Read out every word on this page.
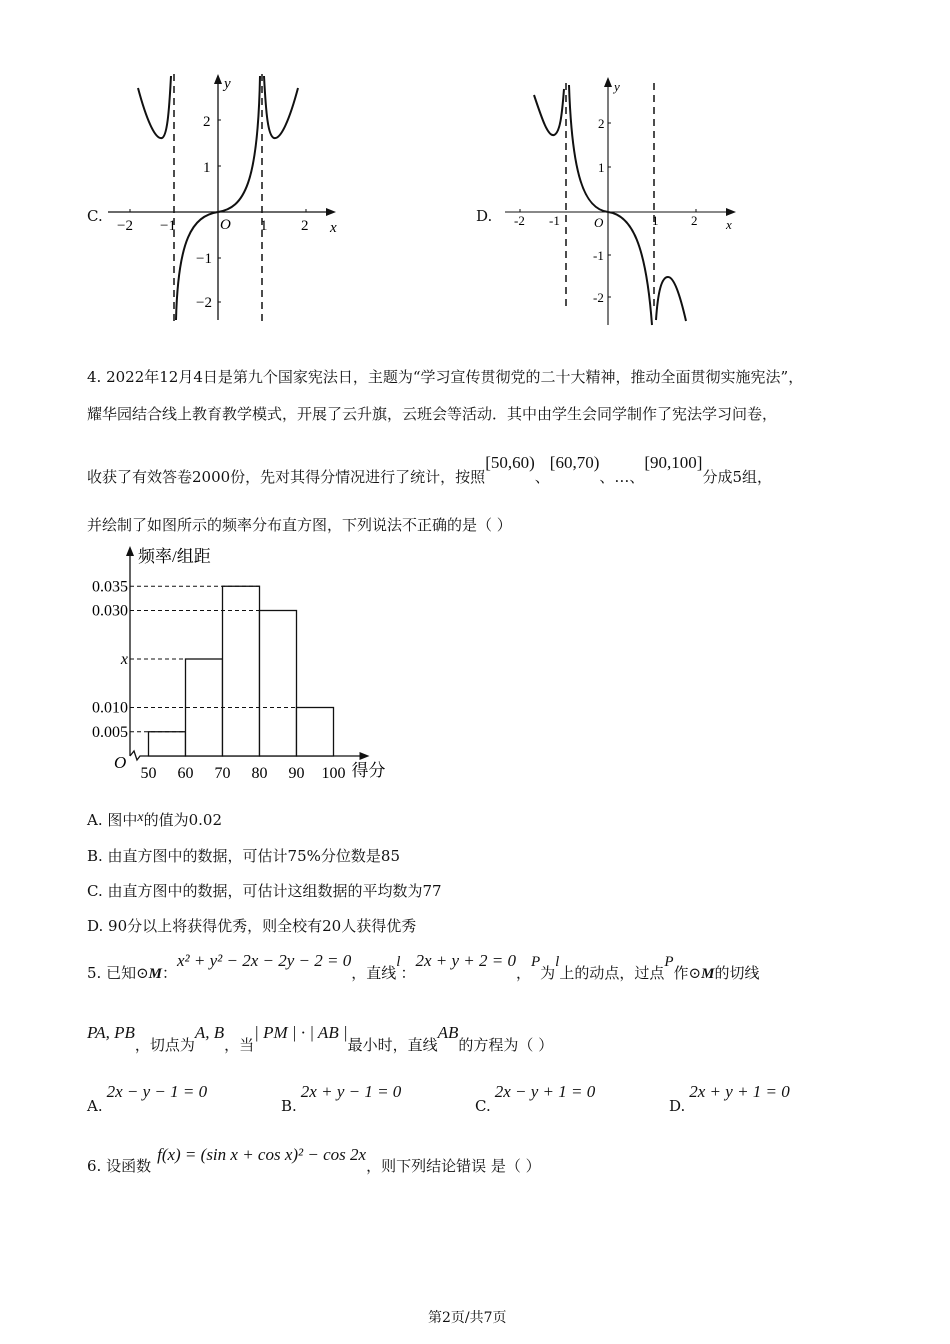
C.
−2 −1	O 1 2
2
1
−1
−2
x
y
D. -2 -1	O	1	2
2
1
-1
-2
x
y
4. 2022年12月4日是第九个国家宪法日，主题为“学习宣传贯彻党的二十大精神，推动全面贯彻实施宪法”，
耀华园结合线上教育教学模式，开展了云升旗，云班会等活动．其中由学生会同学制作了宪法学习问卷，
收获了有效答卷2000份，先对其得分情况进行了统计，按照[50,60)、[60,70)、…、[90,100]分成5组，
并绘制了如图所示的频率分布直方图，下列说法不正确的是（ ）
频率/组距
得分
O
50 60 70 80 90 100
0.035
0.030
x
0.010
0.005
A. 图中x的值为0.02
B. 由直方图中的数据，可估计75%分位数是85
C. 由直方图中的数据，可估计这组数据的平均数为77
D. 90分以上将获得优秀，则全校有20人获得优秀
5. 已知⊙M：x² + y² − 2x − 2y − 2 = 0，直线l：2x + y + 2 = 0，P为l上的动点，过点P作⊙M的切线
PA, PB，切点为A, B，当| PM | · | AB |最小时，直线AB的方程为（ ）
A.2x − y − 1 = 0
B.2x + y − 1 = 0
C.2x − y + 1 = 0
D.2x + y + 1 = 0
6. 设函数f(x) = (sin x + cos x)² − cos 2x，则下列结论错误 是（ ）
第2页/共7页
